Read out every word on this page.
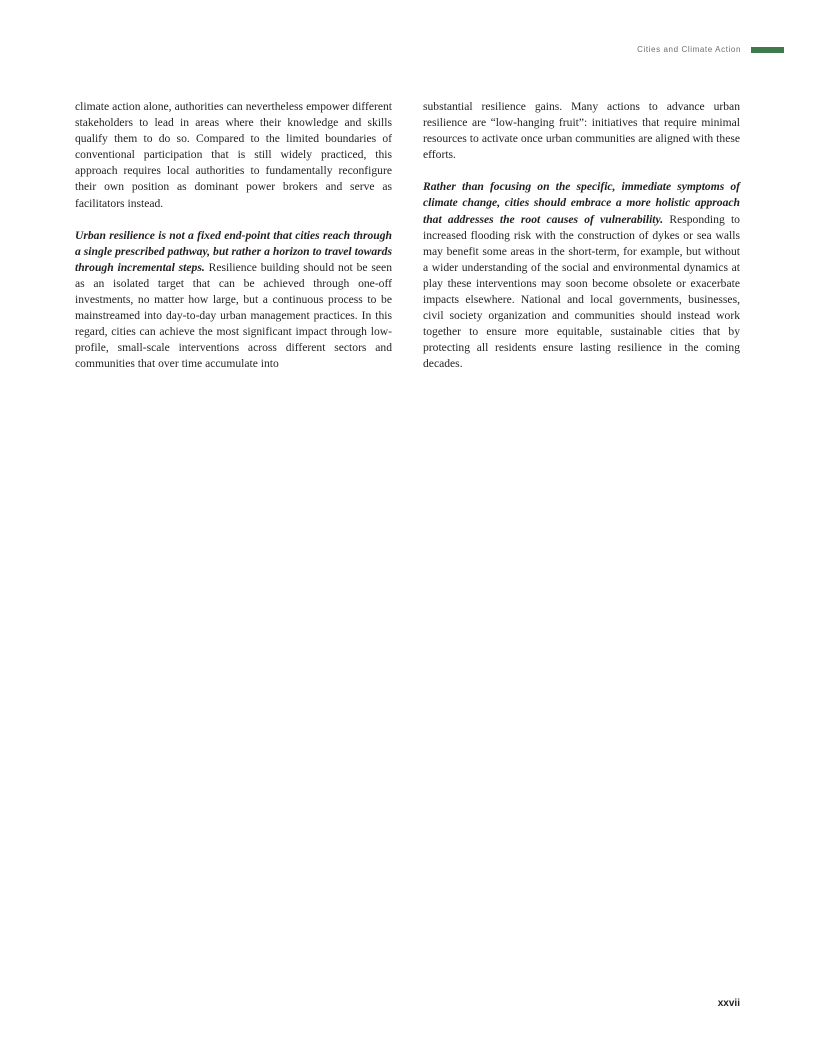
Cities and Climate Action

climate action alone, authorities can nevertheless empower different stakeholders to lead in areas where their knowledge and skills qualify them to do so. Compared to the limited boundaries of conventional participation that is still widely practiced, this approach requires local authorities to fundamentally reconfigure their own position as dominant power brokers and serve as facilitators instead.

Urban resilience is not a fixed end-point that cities reach through a single prescribed pathway, but rather a horizon to travel towards through incremental steps. Resilience building should not be seen as an isolated target that can be achieved through one-off investments, no matter how large, but a continuous process to be mainstreamed into day-to-day urban management practices. In this regard, cities can achieve the most significant impact through low-profile, small-scale interventions across different sectors and communities that over time accumulate into

substantial resilience gains. Many actions to advance urban resilience are “low-hanging fruit”: initiatives that require minimal resources to activate once urban communities are aligned with these efforts.

Rather than focusing on the specific, immediate symptoms of climate change, cities should embrace a more holistic approach that addresses the root causes of vulnerability. Responding to increased flooding risk with the construction of dykes or sea walls may benefit some areas in the short-term, for example, but without a wider understanding of the social and environmental dynamics at play these interventions may soon become obsolete or exacerbate impacts elsewhere. National and local governments, businesses, civil society organization and communities should instead work together to ensure more equitable, sustainable cities that by protecting all residents ensure lasting resilience in the coming decades.

xxvii
